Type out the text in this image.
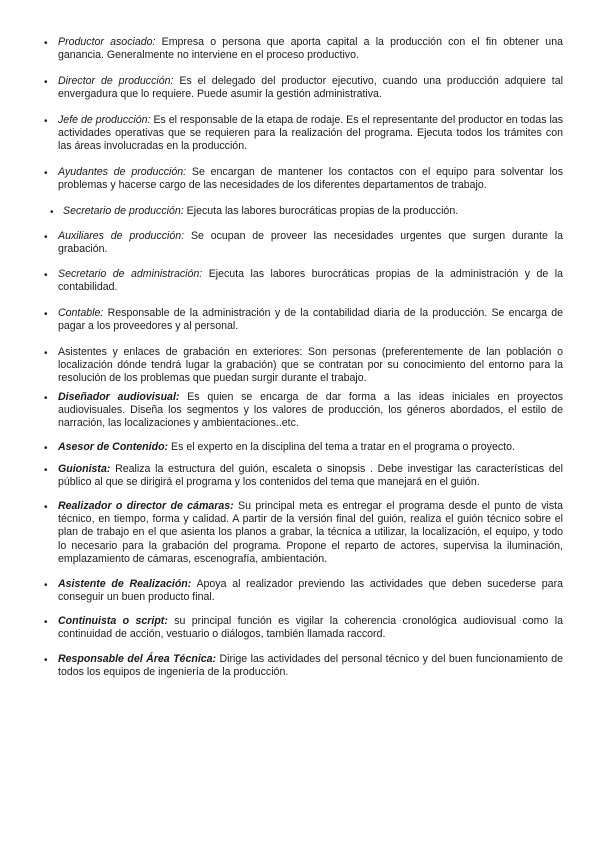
• Productor asociado: Empresa o persona que aporta capital a la producción con el fin obtener una ganancia. Generalmente no interviene en el proceso productivo.
• Director de producción: Es el delegado del productor ejecutivo, cuando una producción adquiere tal envergadura que lo requiere. Puede asumir la gestión administrativa.
• Jefe de producción: Es el responsable de la etapa de rodaje. Es el representante del productor en todas las actividades operativas que se requieren para la realización del programa. Ejecuta todos los trámites con las áreas involucradas en la producción.
• Ayudantes de producción: Se encargan de mantener los contactos con el equipo para solventar los problemas y hacerse cargo de las necesidades de los diferentes departamentos de trabajo.
• Secretario de producción: Ejecuta las labores burocráticas propias de la producción.
• Auxiliares de producción: Se ocupan de proveer las necesidades urgentes que surgen durante la grabación.
• Secretario de administración: Ejecuta las labores burocráticas propias de la administración y de la contabilidad.
• Contable: Responsable de la administración y de la contabilidad diaria de la producción. Se encarga de pagar a los proveedores y al personal.
• Asistentes y enlaces de grabación en exteriores: Son personas (preferentemente de lan población o localización dónde tendrá lugar la grabación) que se contratan por su conocimiento del entorno para la resolución de los problemas que puedan surgir durante el trabajo.
• Diseñador audiovisual: Es quien se encarga de dar forma a las ideas iniciales en proyectos audiovisuales. Diseña los segmentos y los valores de producción, los géneros abordados, el estilo de narración, las localizaciones y ambientaciones..etc.
• Asesor de Contenido: Es el experto en la disciplina del tema a tratar en el programa o proyecto.
• Guionista: Realiza la estructura del guión, escaleta o sinopsis . Debe investigar las características del público al que se dirigirá el programa y los contenidos del tema que manejará en el guión.
• Realizador o director de cámaras: Su principal meta es entregar el programa desde el punto de vista técnico, en tiempo, forma y calidad. A partir de la versión final del guión, realiza el guión técnico sobre el plan de trabajo en el que asienta los planos a grabar, la técnica a utilizar, la localización, el equipo, y todo lo necesario para la grabación del programa. Propone el reparto de actores, supervisa la iluminación, emplazamiento de cámaras, escenografía, ambientación.
• Asistente de Realización: Apoya al realizador previendo las actividades que deben sucederse para conseguir un buen producto final.
• Continuista o script: su principal función es vigilar la coherencia cronológica audiovisual como la continuidad de acción, vestuario o diálogos, también llamada raccord.
• Responsable del Área Técnica: Dirige las actividades del personal técnico y del buen funcionamiento de todos los equipos de ingeniería de la producción.
